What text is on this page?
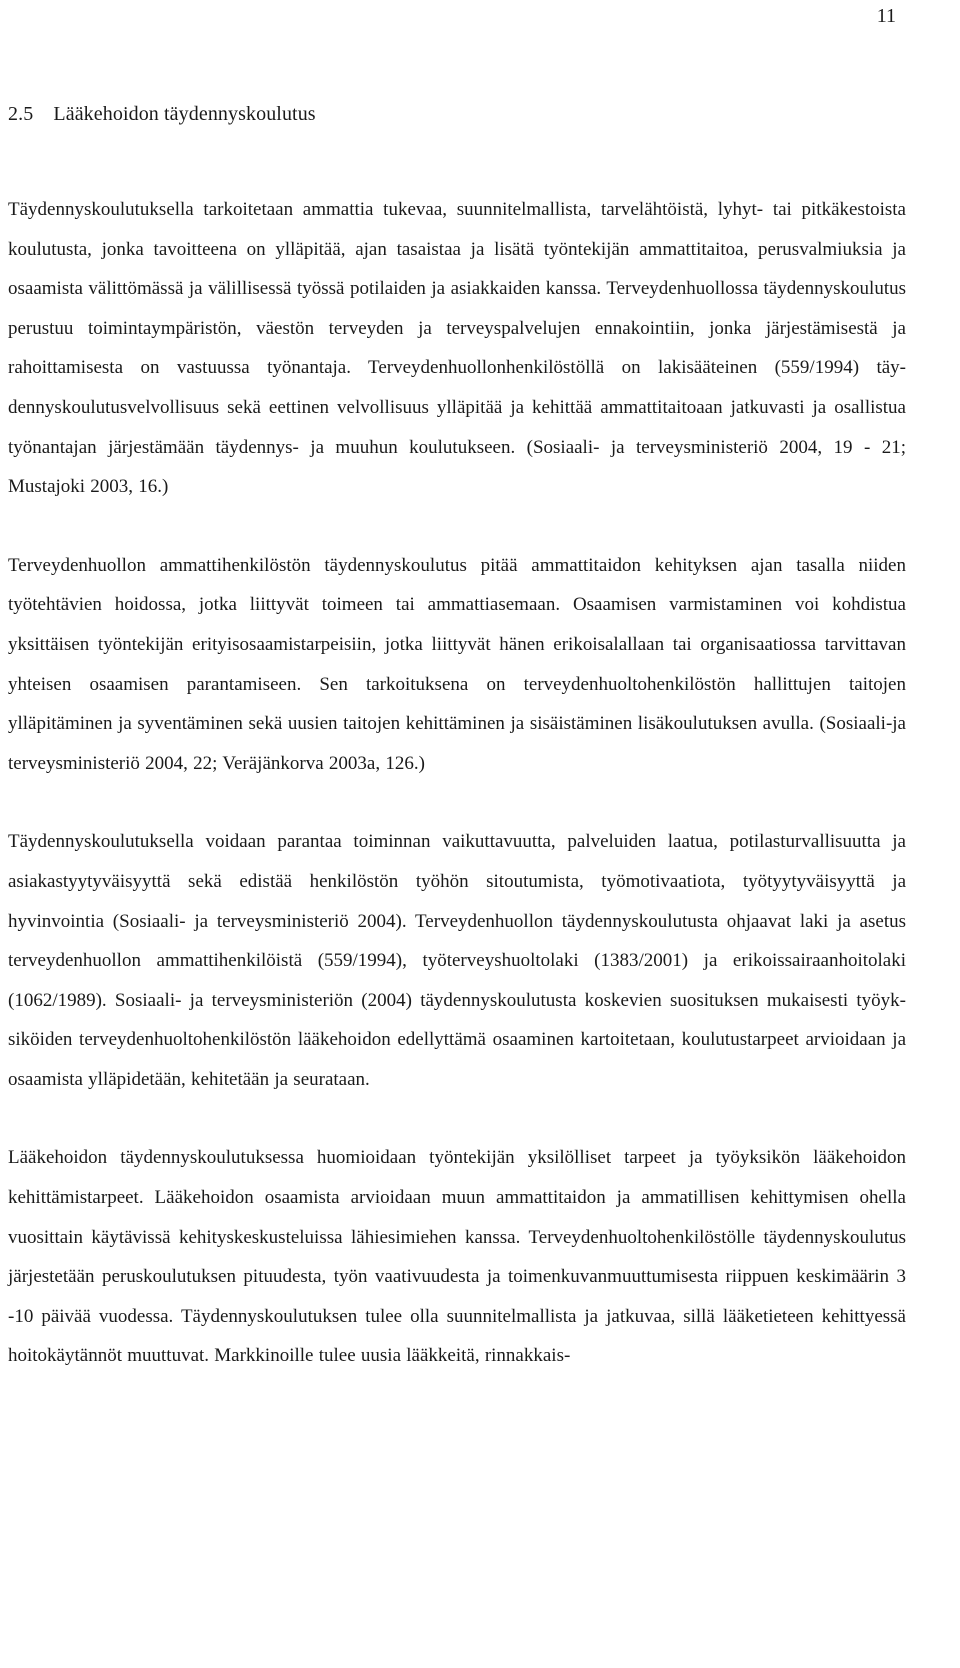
11
2.5 Lääkehoidon täydennyskoulutus

Täydennyskoulutuksella tarkoitetaan ammattia tukevaa, suunnitelmallista, tarvelähtöistä, lyhyt- tai pitkäkestoista koulutusta, jonka tavoitteena on ylläpitää, ajan tasaistaa ja lisätä työntekijän ammattitaitoa, perusvalmiuksia ja osaamista välittömässä ja välillisessä työssä potilaiden ja asiakkaiden kanssa. Terveydenhuollossa täydennyskoulutus perustuu toimintaympäristön, väestön terveyden ja terveyspalvelujen ennakointiin, jonka järjestämisestä ja rahoittamisesta on vastuussa työnantaja. Terveydenhuollonhenkilöstöllä on lakisääteinen (559/1994) täydennyskoulutusvelvollisuus sekä eettinen velvollisuus ylläpitää ja kehittää ammattitaitoaan jatkuvasti ja osallistua työnantajan järjestämään täydennys- ja muuhun koulutukseen. (Sosiaali- ja terveysministeriö 2004, 19 - 21; Mustajoki 2003, 16.)

Terveydenhuollon ammattihenkilöstön täydennyskoulutus pitää ammattitaidon kehityksen ajan tasalla niiden työtehtävien hoidossa, jotka liittyvät toimeen tai ammattiasemaan. Osaamisen varmistaminen voi kohdistua yksittäisen työntekijän erityisosaamistarpeisiin, jotka liittyvät hänen erikoisalallaan tai organisaatiossa tarvittavan yhteisen osaamisen parantamiseen. Sen tarkoituksena on terveydenhuoltohenkilöstön hallittujen taitojen ylläpitäminen ja syventäminen sekä uusien taitojen kehittäminen ja sisäistäminen lisäkoulutuksen avulla. (Sosiaali-ja terveysministeriö 2004, 22; Veräjänkorva 2003a, 126.)

Täydennyskoulutuksella voidaan parantaa toiminnan vaikuttavuutta, palveluiden laatua, potilasturvallisuutta ja asiakastyytyväisyyttä sekä edistää henkilöstön työhön sitoutumista, työmotivaatiota, työtyytyväisyyttä ja hyvinvointia (Sosiaali- ja terveysministeriö 2004). Terveydenhuollon täydennyskoulutusta ohjaavat laki ja asetus terveydenhuollon ammattihenkilöistä (559/1994), työterveyshuoltolaki (1383/2001) ja erikoissairaanhoitolaki (1062/1989). Sosiaali- ja terveysministeriön (2004) täydennyskoulutusta koskevien suosituksen mukaisesti työyksiköiden terveydenhuoltohenkilöstön lääkehoidon edellyttämä osaaminen kartoitetaan, koulutustarpeet arvioidaan ja osaamista ylläpidetään, kehitetään ja seurataan.

Lääkehoidon täydennyskoulutuksessa huomioidaan työntekijän yksilölliset tarpeet ja työyksikön lääkehoidon kehittämistarpeet. Lääkehoidon osaamista arvioidaan muun ammattitaidon ja ammatillisen kehittymisen ohella vuosittain käytävissä kehityskeskusteluissa lähiesimiehen kanssa. Terveydenhuoltohenkilöstölle täydennyskoulutus järjestetään peruskoulutuksen pituudesta, työn vaativuudesta ja toimenkuvanmuuttumisesta riippuen keskimäärin 3 -10 päivää vuodessa. Täydennyskoulutuksen tulee olla suunnitelmallista ja jatkuvaa, sillä lääketieteen kehittyessä hoitokäytännöt muuttuvat. Markkinoille tulee uusia lääkkeitä, rinnakkais-
